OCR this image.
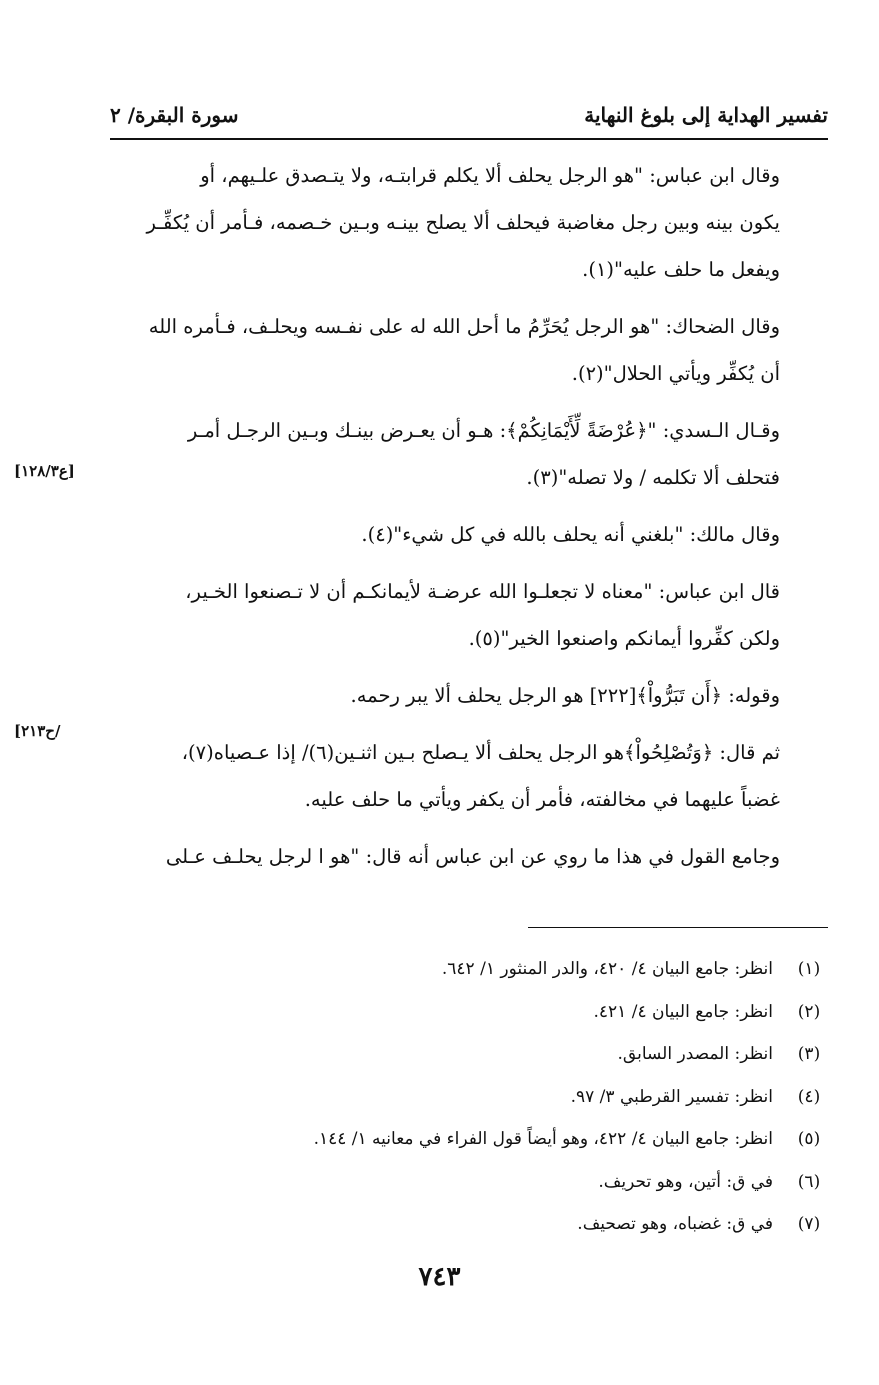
تفسير الهداية إلى بلوغ النهاية
سورة البقرة/ ٢
[ع١٢٨/٣]
[ح٢١٣/

وقال ابن عباس: "هو الرجل يحلف ألا يكلم قرابتـه، ولا يتـصدق علـيهم، أو
يكون بينه وبين رجل مغاضبة فيحلف ألا يصلح بينـه وبـين خـصمه، فـأمر أن يُكفِّـر
ويفعل ما حلف عليه"(١).

وقال الضحاك: "هو الرجل يُحَرِّمُ ما أحل الله له على نفـسه ويحلـف، فـأمره الله
أن يُكفِّر ويأتي الحلال"(٢).

وقـال الـسدي: "﴿عُرْضَةً لِّأَيْمَانِكُمْ﴾: هـو أن يعـرض بينـك وبـين الرجـل أمـر
فتحلف ألا تكلمه / ولا تصله"(٣).

وقال مالك: "بلغني أنه يحلف بالله في كل شيء"(٤).

قال ابن عباس: "معناه لا تجعلـوا الله عرضـة لأيمانكـم أن لا تـصنعوا الخـير،
ولكن كفِّروا أيمانكم واصنعوا الخير"(٥).

وقوله: ﴿أَن تَبَرُّواْ﴾[٢٢٢] هو الرجل يحلف ألا يبر رحمه.

ثم قال: ﴿وَتُصْلِحُواْ﴾هو الرجل يحلف ألا يـصلح بـين اثنـين(٦)/ إذا عـصياه(٧)،
غضباً عليهما في مخالفته، فأمر أن يكفر ويأتي ما حلف عليه.

وجامع القول في هذا ما روي عن ابن عباس أنه قال: "هو ا لرجل يحلـف عـلى

(١)
انظر: جامع البيان ٤/ ٤٢٠، والدر المنثور ١/ ٦٤٢.
(٢)
انظر: جامع البيان ٤/ ٤٢١.
(٣)
انظر: المصدر السابق.
(٤)
انظر: تفسير القرطبي ٣/ ٩٧.
(٥)
انظر: جامع البيان ٤/ ٤٢٢، وهو أيضاً قول الفراء في معانيه ١/ ١٤٤.
(٦)
في ق: أتين، وهو تحريف.
(٧)
في ق: غضباه، وهو تصحيف.
٧٤٣
